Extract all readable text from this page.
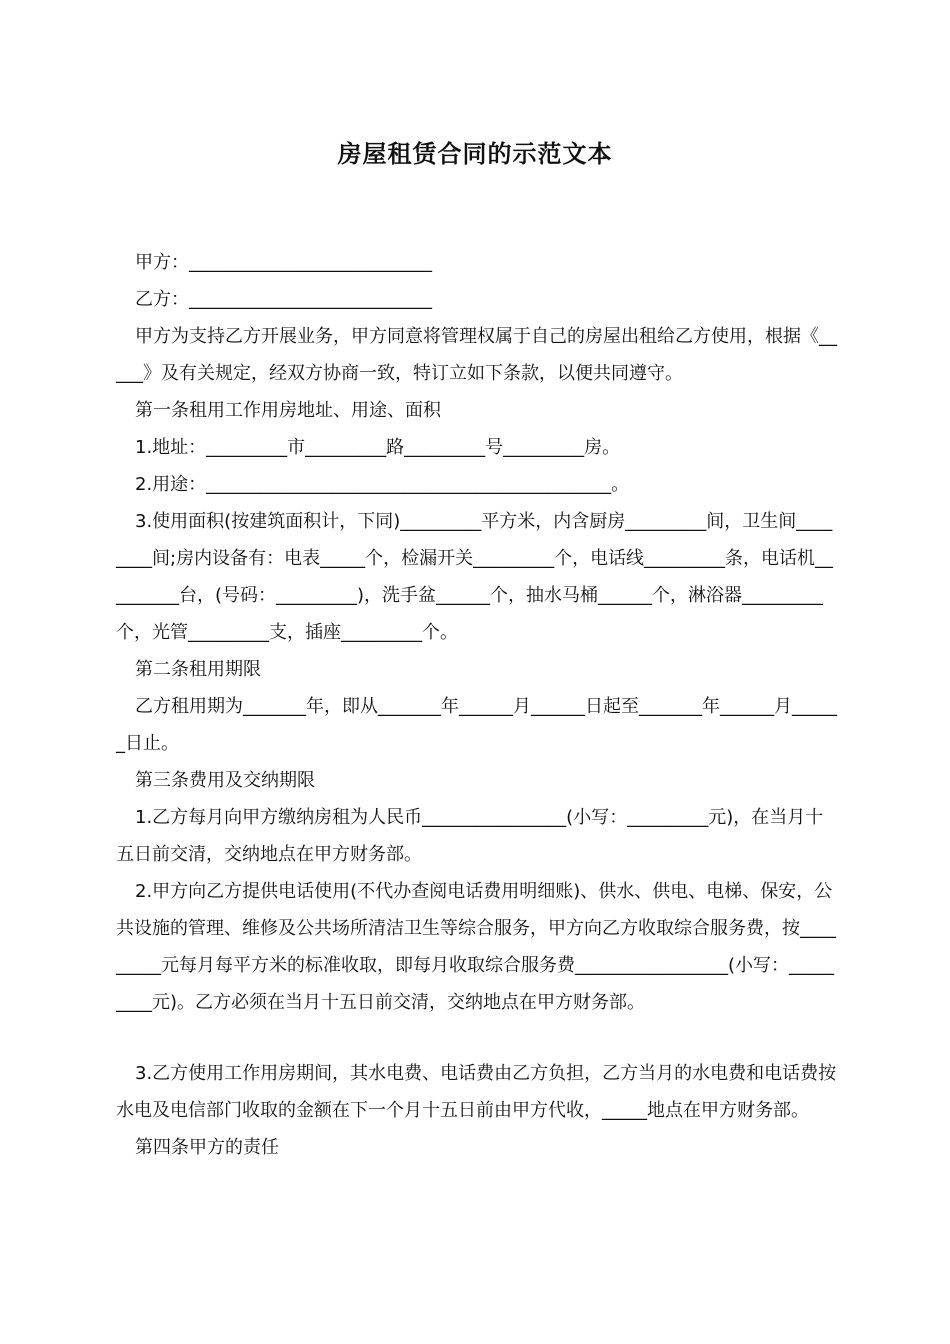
房屋租赁合同的示范文本

甲方：___________________________

乙方：___________________________

甲方为支持乙方开展业务，甲方同意将管理权属于自己的房屋出租给乙方使用，根据《_____》及有关规定，经双方协商一致，特订立如下条款，以便共同遵守。

第一条租用工作用房地址、用途、面积

1.地址：_________市_________路_________号_________房。

2.用途：_____________________________________________。

3.使用面积(按建筑面积计，下同)_________平方米，内含厨房_________间，卫生间________间;房内设备有：电表_____个，检漏开关_________个，电话线_________条，电话机_________台，(号码：_________)，洗手盆______个，抽水马桶______个，淋浴器_________个，光管_________支，插座_________个。

第二条租用期限

乙方租用期为_______年，即从_______年______月______日起至_______年______月______日止。

第三条费用及交纳期限

1.乙方每月向甲方缴纳房租为人民币________________(小写：_________元)，在当月十五日前交清，交纳地点在甲方财务部。

2.甲方向乙方提供电话使用(不代办查阅电话费用明细账)、供水、供电、电梯、保安，公共设施的管理、维修及公共场所清洁卫生等综合服务，甲方向乙方收取综合服务费，按_________元每月每平方米的标准收取，即每月收取综合服务费_________________(小写：_________元)。乙方必须在当月十五日前交清，交纳地点在甲方财务部。

3.乙方使用工作用房期间，其水电费、电话费由乙方负担，乙方当月的水电费和电话费按水电及电信部门收取的金额在下一个月十五日前由甲方代收，_____地点在甲方财务部。

第四条甲方的责任
